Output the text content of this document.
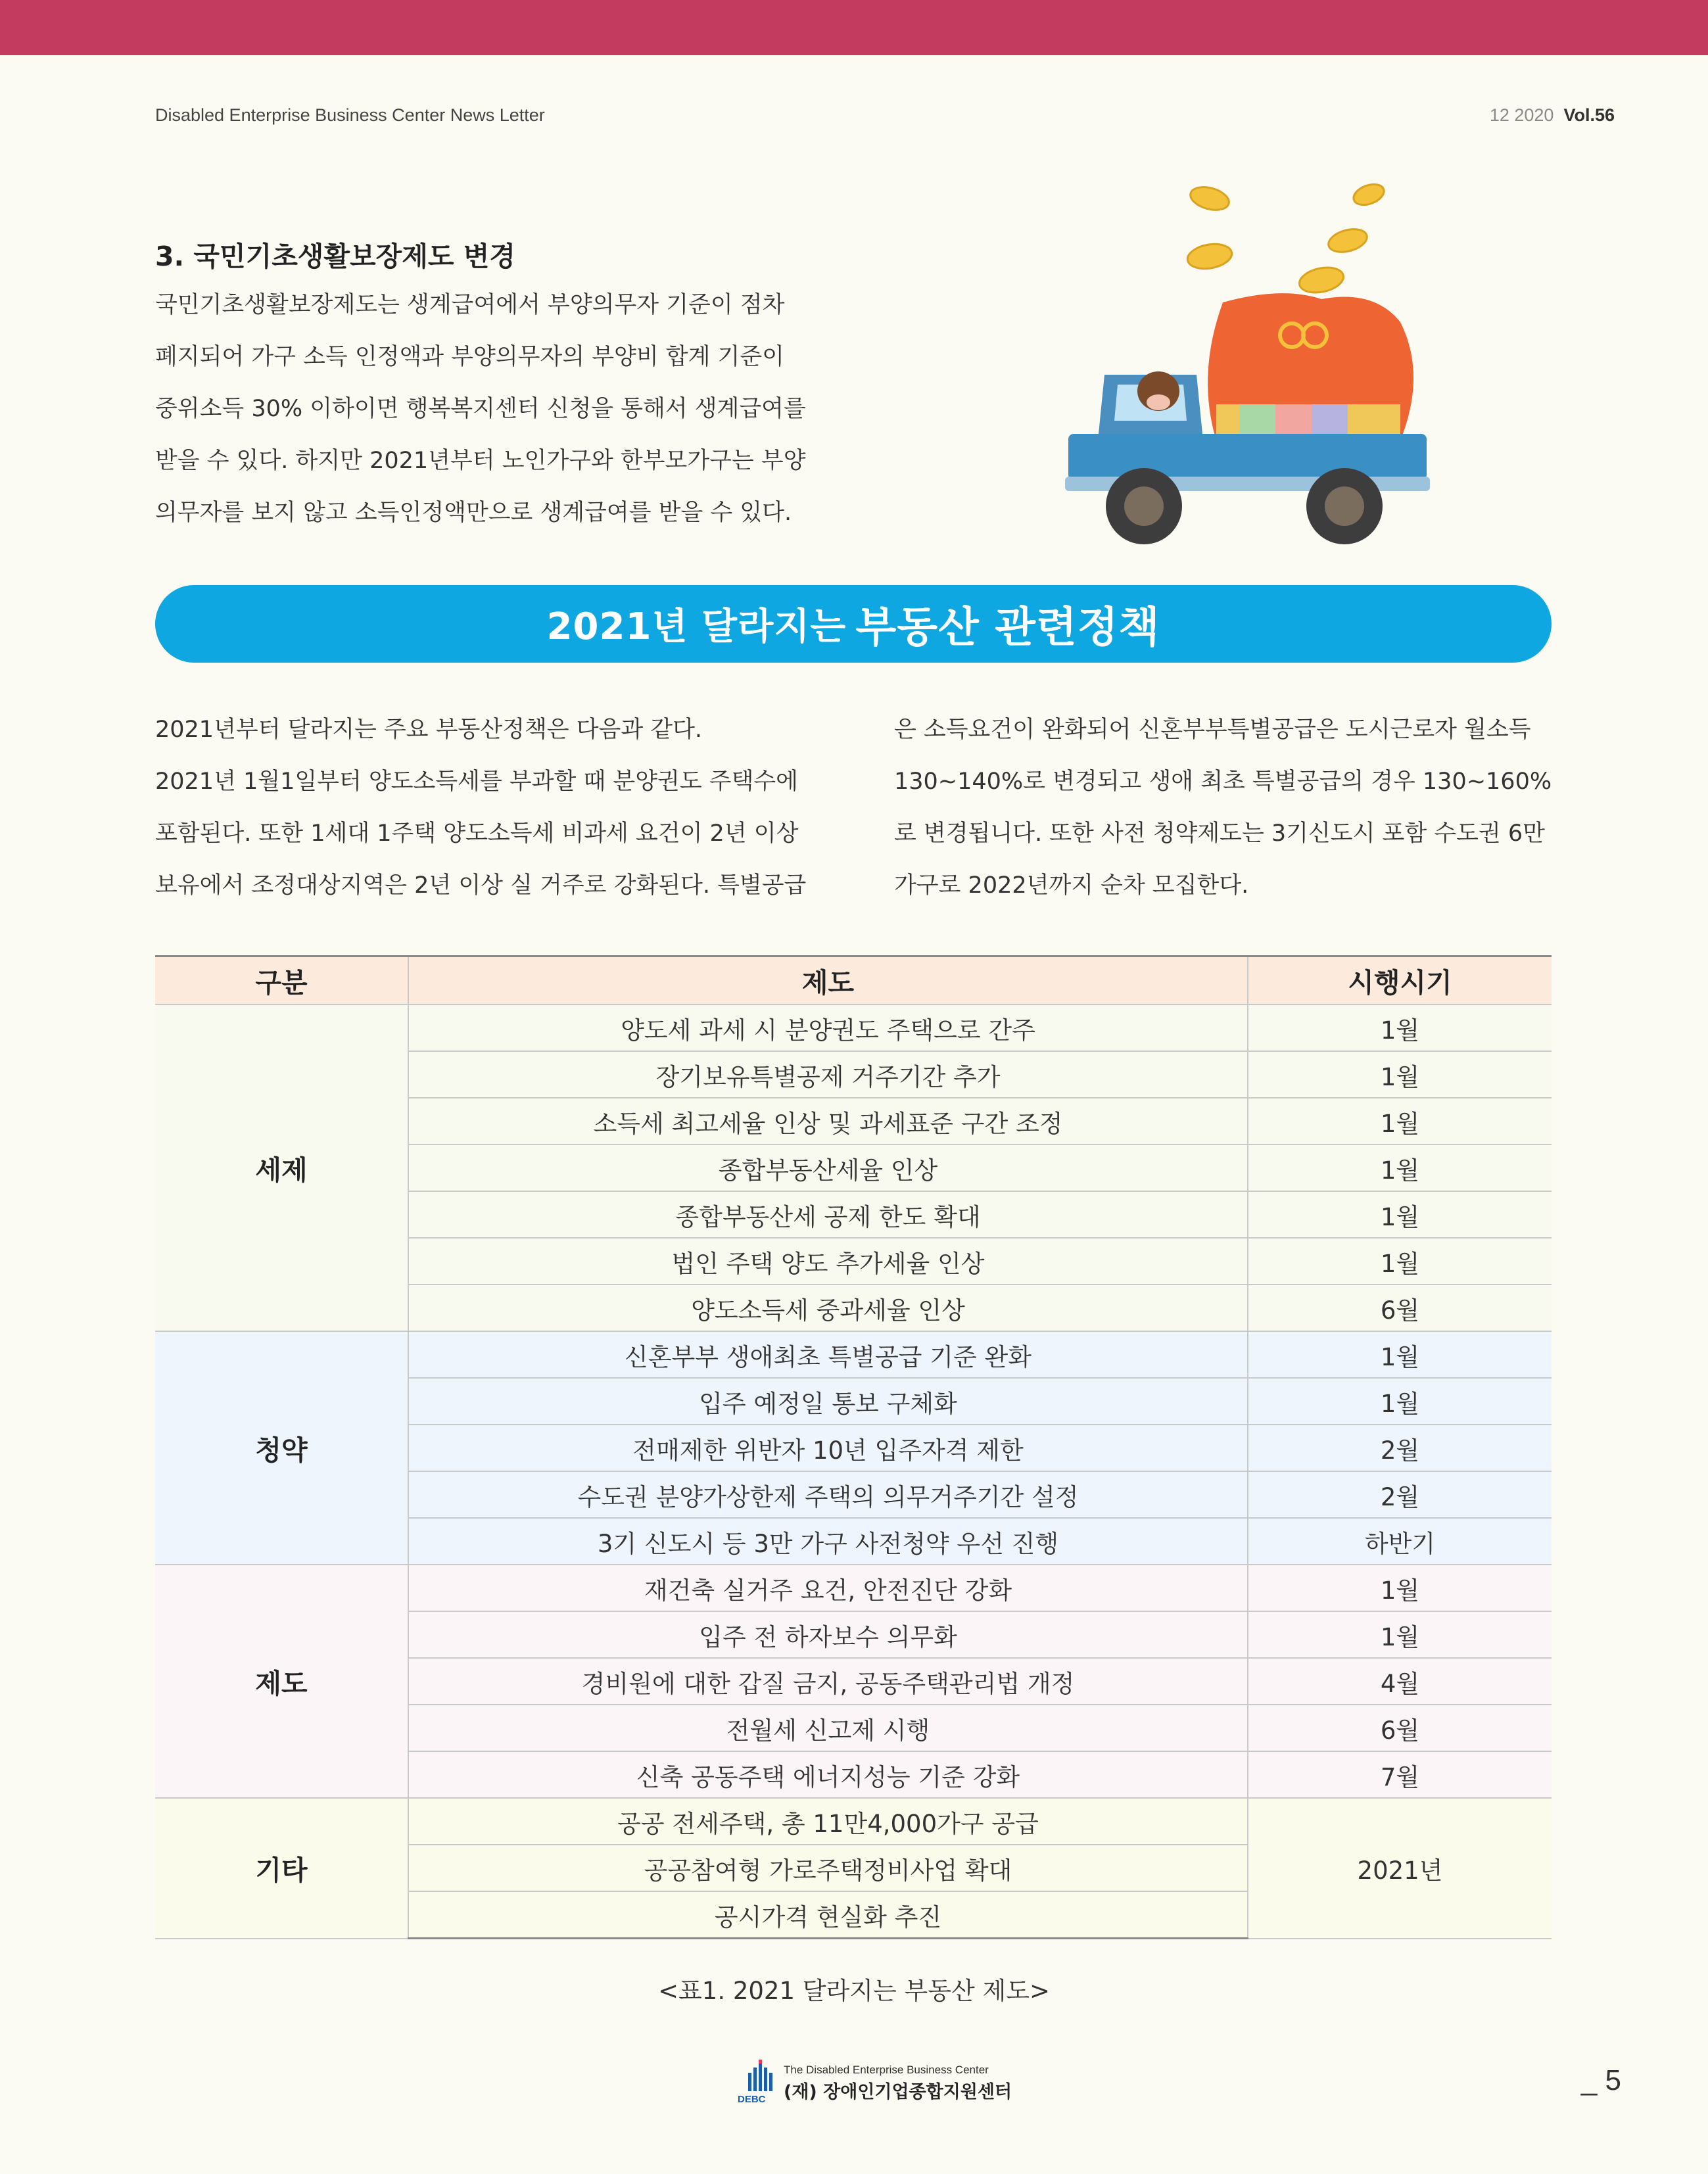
Disabled Enterprise Business Center News Letter	12 2020 Vol.56
3. 국민기초생활보장제도 변경
국민기초생활보장제도는 생계급여에서 부양의무자 기준이 점차
폐지되어 가구 소득 인정액과 부양의무자의 부양비 합계 기준이
중위소득 30% 이하이면 행복복지센터 신청을 통해서 생계급여를
받을 수 있다. 하지만 2021년부터 노인가구와 한부모가구는 부양
의무자를 보지 않고 소득인정액만으로 생계급여를 받을 수 있다.
2021년 달라지는 부동산 관련정책
2021년부터 달라지는 주요 부동산정책은 다음과 같다.
2021년 1월1일부터 양도소득세를 부과할 때 분양권도 주택수에
포함된다. 또한 1세대 1주택 양도소득세 비과세 요건이 2년 이상
보유에서 조정대상지역은 2년 이상 실 거주로 강화된다. 특별공급
은 소득요건이 완화되어 신혼부부특별공급은 도시근로자 월소득
130~140%로 변경되고 생애 최초 특별공급의 경우 130~160%
로 변경됩니다. 또한 사전 청약제도는 3기신도시 포함 수도권 6만
가구로 2022년까지 순차 모집한다.
구분	제도	시행시기
세제	양도세 과세 시 분양권도 주택으로 간주	1월
	장기보유특별공제 거주기간 추가	1월
	소득세 최고세율 인상 및 과세표준 구간 조정	1월
	종합부동산세율 인상	1월
	종합부동산세 공제 한도 확대	1월
	법인 주택 양도 추가세율 인상	1월
	양도소득세 중과세율 인상	6월
청약	신혼부부 생애최초 특별공급 기준 완화	1월
	입주 예정일 통보 구체화	1월
	전매제한 위반자 10년 입주자격 제한	2월
	수도권 분양가상한제 주택의 의무거주기간 설정	2월
	3기 신도시 등 3만 가구 사전청약 우선 진행	하반기
제도	재건축 실거주 요건, 안전진단 강화	1월
	입주 전 하자보수 의무화	1월
	경비원에 대한 갑질 금지, 공동주택관리법 개정	4월
	전월세 신고제 시행	6월
	신축 공동주택 에너지성능 기준 강화	7월
기타	공공 전세주택, 총 11만4,000가구 공급	2021년
	공공참여형 가로주택정비사업 확대	
	공시가격 현실화 추진	
<표1. 2021 달라지는 부동산 제도>
DEBC
The Disabled Enterprise Business Center
(재) 장애인기업종합지원센터	_ 5
